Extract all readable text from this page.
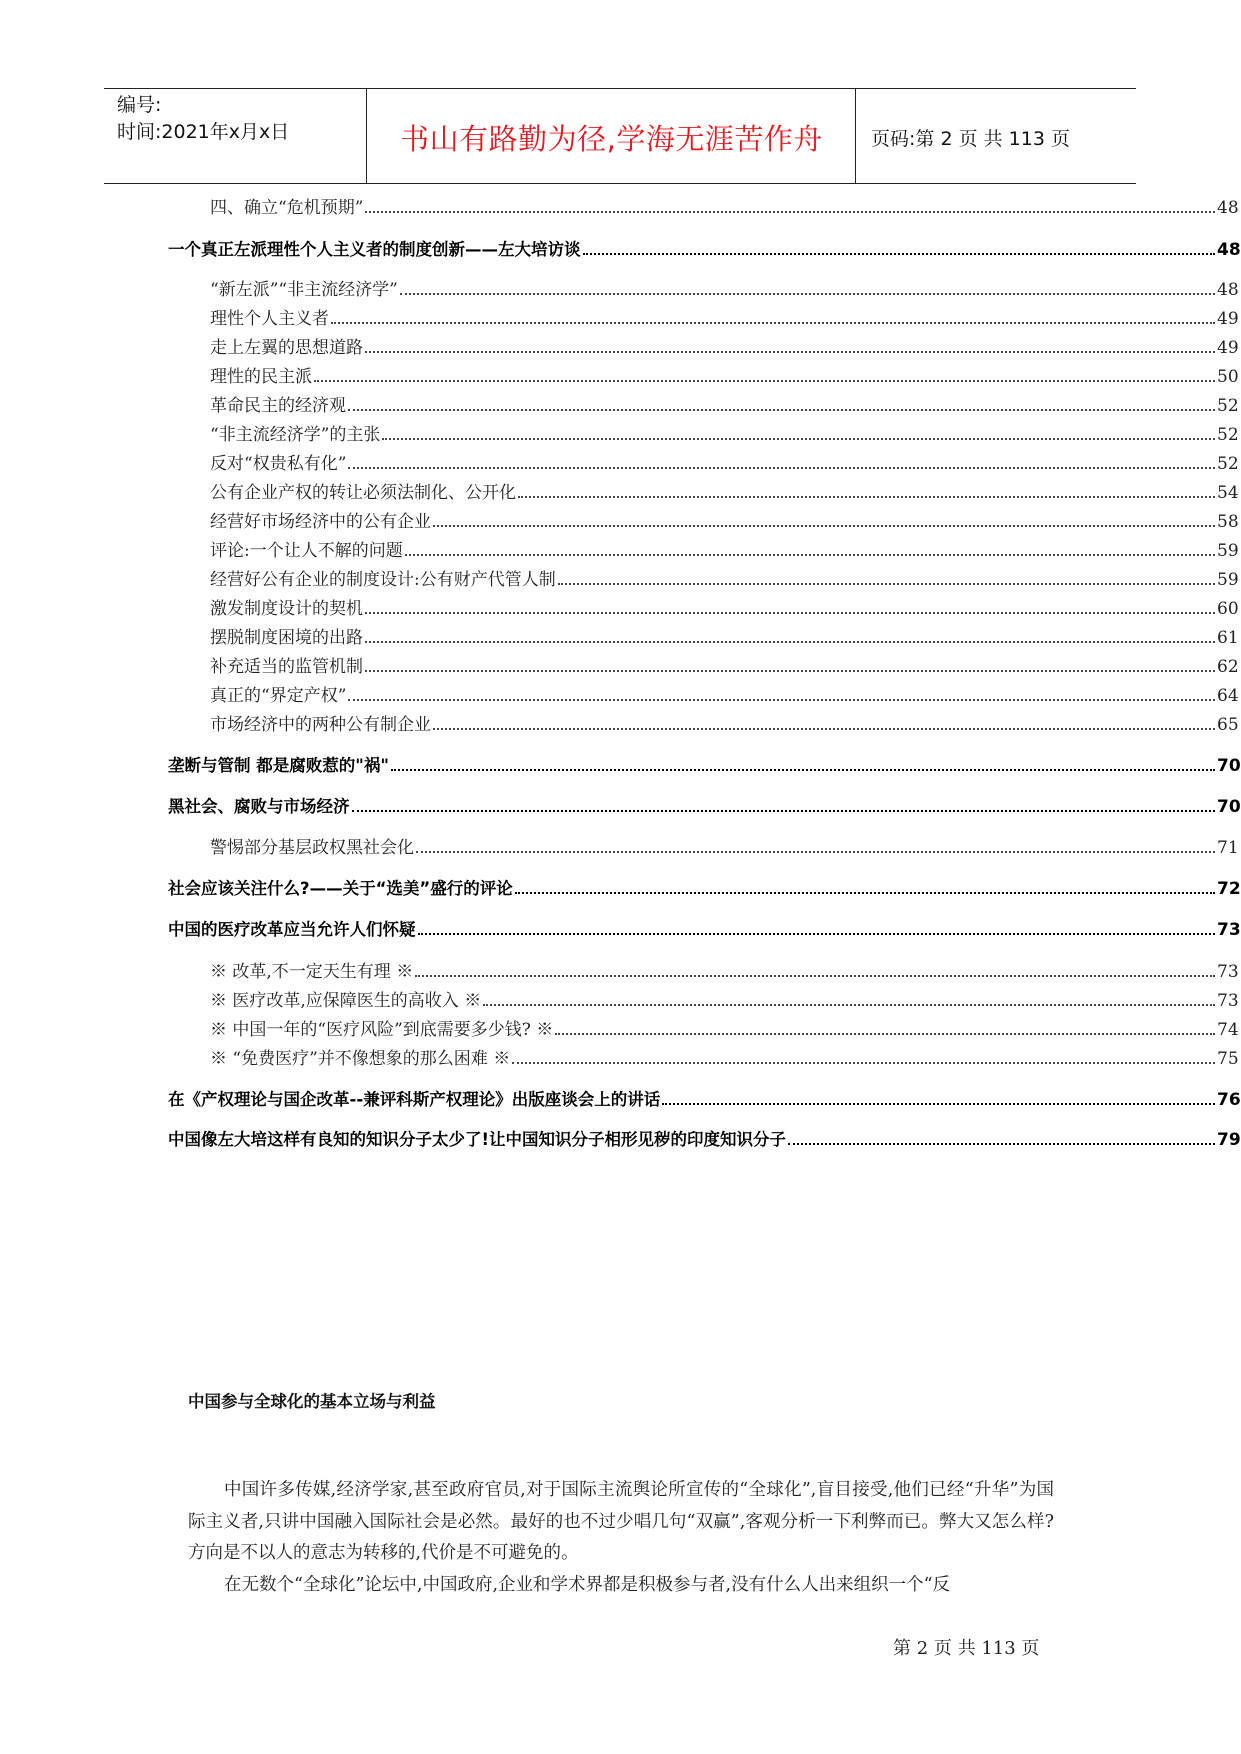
编号:
时间:2021年x月x日	书山有路勤为径,学海无涯苦作舟	页码:第 2 页 共 113 页
四、确立“危机预期”	48
一个真正左派理性个人主义者的制度创新——左大培访谈	48
“新左派”“非主流经济学”	48
理性个人主义者	49
走上左翼的思想道路	49
理性的民主派	50
革命民主的经济观	52
“非主流经济学”的主张	52
反对“权贵私有化”	52
公有企业产权的转让必须法制化、公开化	54
经营好市场经济中的公有企业	58
评论:一个让人不解的问题	59
经营好公有企业的制度设计:公有财产代管人制	59
激发制度设计的契机	60
摆脱制度困境的出路	61
补充适当的监管机制	62
真正的“界定产权”	64
市场经济中的两种公有制企业	65
垄断与管制 都是腐败惹的"祸"	70
黑社会、腐败与市场经济	70
警惕部分基层政权黑社会化	71
社会应该关注什么?——关于“选美”盛行的评论	72
中国的医疗改革应当允许人们怀疑	73
※ 改革,不一定天生有理 ※	73
※ 医疗改革,应保障医生的高收入 ※	73
※ 中国一年的“医疗风险”到底需要多少钱? ※	74
※ “免费医疗”并不像想象的那么困难 ※	75
在《产权理论与国企改革--兼评科斯产权理论》出版座谈会上的讲话	76
中国像左大培这样有良知的知识分子太少了!让中国知识分子相形见秽的印度知识分子	79
中国参与全球化的基本立场与利益

中国许多传媒,经济学家,甚至政府官员,对于国际主流舆论所宣传的“全球化”,盲目接受,他们已经“升华”为国际主义者,只讲中国融入国际社会是必然。最好的也不过少唱几句“双赢”,客观分析一下利弊而已。弊大又怎么样?方向是不以人的意志为转移的,代价是不可避免的。

在无数个“全球化”论坛中,中国政府,企业和学术界都是积极参与者,没有什么人出来组织一个“反

第 2 页 共 113 页
